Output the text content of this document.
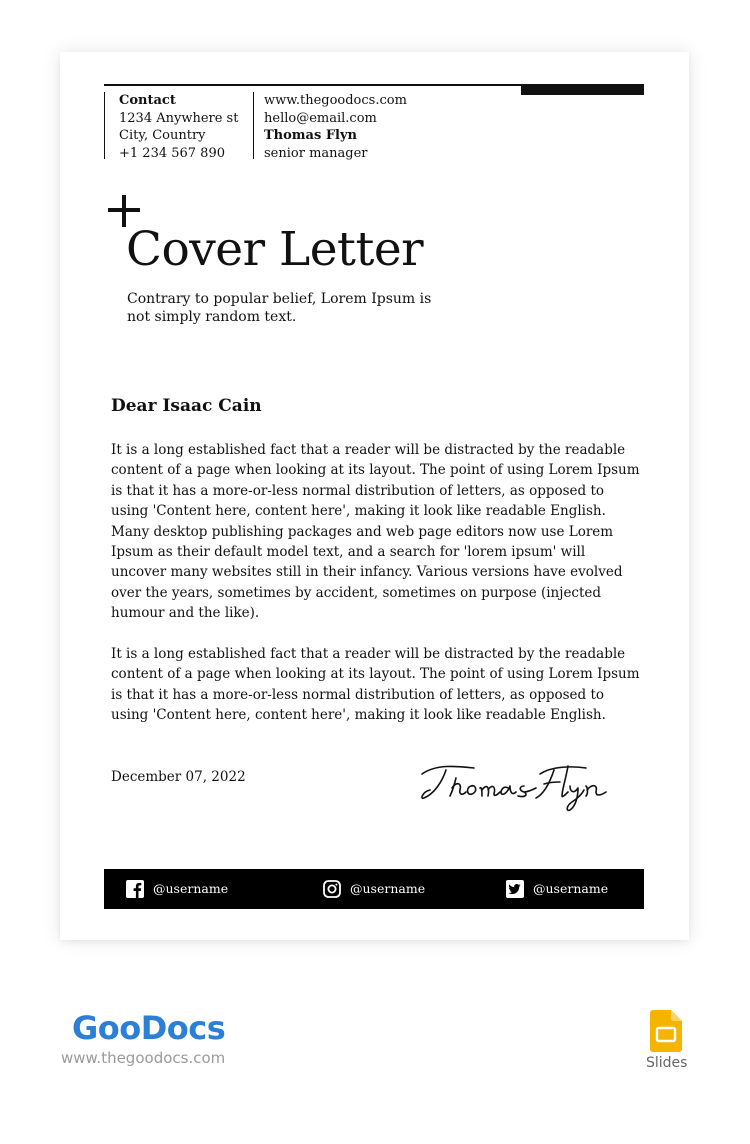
Contact
1234 Anywhere st
City, Country
+1 234 567 890
www.thegoodocs.com
hello@email.com
Thomas Flyn
senior manager
Cover Letter
Contrary to popular belief, Lorem Ipsum is not simply random text.
Dear Isaac Cain
It is a long established fact that a reader will be distracted by the readable content of a page when looking at its layout. The point of using Lorem Ipsum is that it has a more-or-less normal distribution of letters, as opposed to using 'Content here, content here', making it look like readable English. Many desktop publishing packages and web page editors now use Lorem Ipsum as their default model text, and a search for 'lorem ipsum' will uncover many websites still in their infancy. Various versions have evolved over the years, sometimes by accident, sometimes on purpose (injected humour and the like).
It is a long established fact that a reader will be distracted by the readable content of a page when looking at its layout. The point of using Lorem Ipsum is that it has a more-or-less normal distribution of letters, as opposed to using 'Content here, content here', making it look like readable English.
December 07, 2022
@username	@username	@username
GooDocs
www.thegoodocs.com	Slides
